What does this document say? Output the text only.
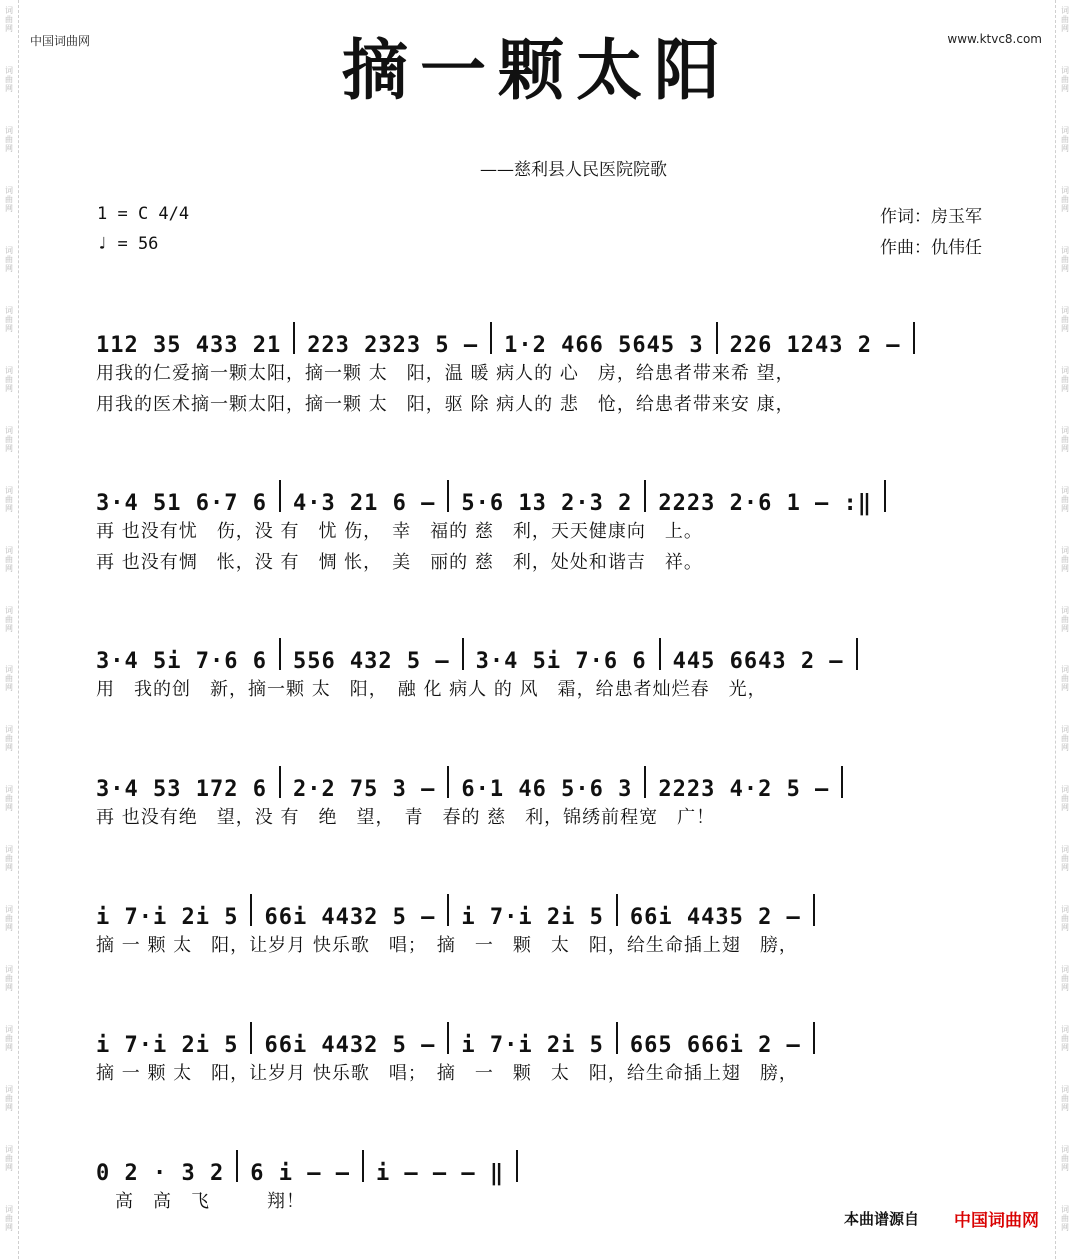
词曲网
词曲网
词曲网
词曲网
词曲网
词曲网
词曲网
词曲网
词曲网
词曲网
词曲网
词曲网
词曲网
词曲网
词曲网
词曲网
词曲网
词曲网
词曲网
词曲网
词曲网
词曲网
词曲网
词曲网
词曲网
词曲网
词曲网
词曲网
词曲网
词曲网
词曲网
词曲网
词曲网
词曲网
词曲网
词曲网
词曲网
词曲网
词曲网
词曲网
词曲网
词曲网
中国词曲网	www.ktvc8.com
摘一颗太阳
——慈利县人民医院院歌
1 = C 4/4
♩ = 56
作词：房玉军
作曲：仇伟任
112 35 433 21 223 2323 5 – 1·2 466 5645 3 226 1243 2 –
用我的仁爱摘一颗太阳，摘一颗 太　阳，温 暖 病人的 心　房，给患者带来希 望，
用我的医术摘一颗太阳，摘一颗 太　阳，驱 除 病人的 悲　怆，给患者带来安 康，
3·4 51 6·7 6 4·3 21 6 – 5·6 13 2·3 2 2223 2·6 1 – :‖
再 也没有忧　伤，没 有　忧 伤，　幸　福的 慈　利，天天健康向　上。
再 也没有惆　怅，没 有　惆 怅，　美　丽的 慈　利，处处和谐吉　祥。
3·4 5i 7·6 6 556 432 5 – 3·4 5i 7·6 6 445 6643 2 –
用　我的创　新，摘一颗 太　阳，　融 化 病人 的 风　霜，给患者灿烂春　光，
3·4 53 172 6 2·2 75 3 – 6·1 46 5·6 3 2223 4·2 5 –
再 也没有绝　望，没 有　绝　望，　青　春的 慈　利，锦绣前程宽　广！
i 7·i 2i 5 66i 4432 5 – i 7·i 2i 5 66i 4435 2 –
摘 一 颗 太　阳，让岁月 快乐歌　唱；　摘　一　颗　太　阳，给生命插上翅　膀，
i 7·i 2i 5 66i 4432 5 – i 7·i 2i 5 665 666i 2 –
摘 一 颗 太　阳，让岁月 快乐歌　唱；　摘　一　颗　太　阳，给生命插上翅　膀，
0 2 · 3 2 6 i – – i – – – ‖
　高　高　飞　　　翔！
本曲谱源自 中国词曲网
